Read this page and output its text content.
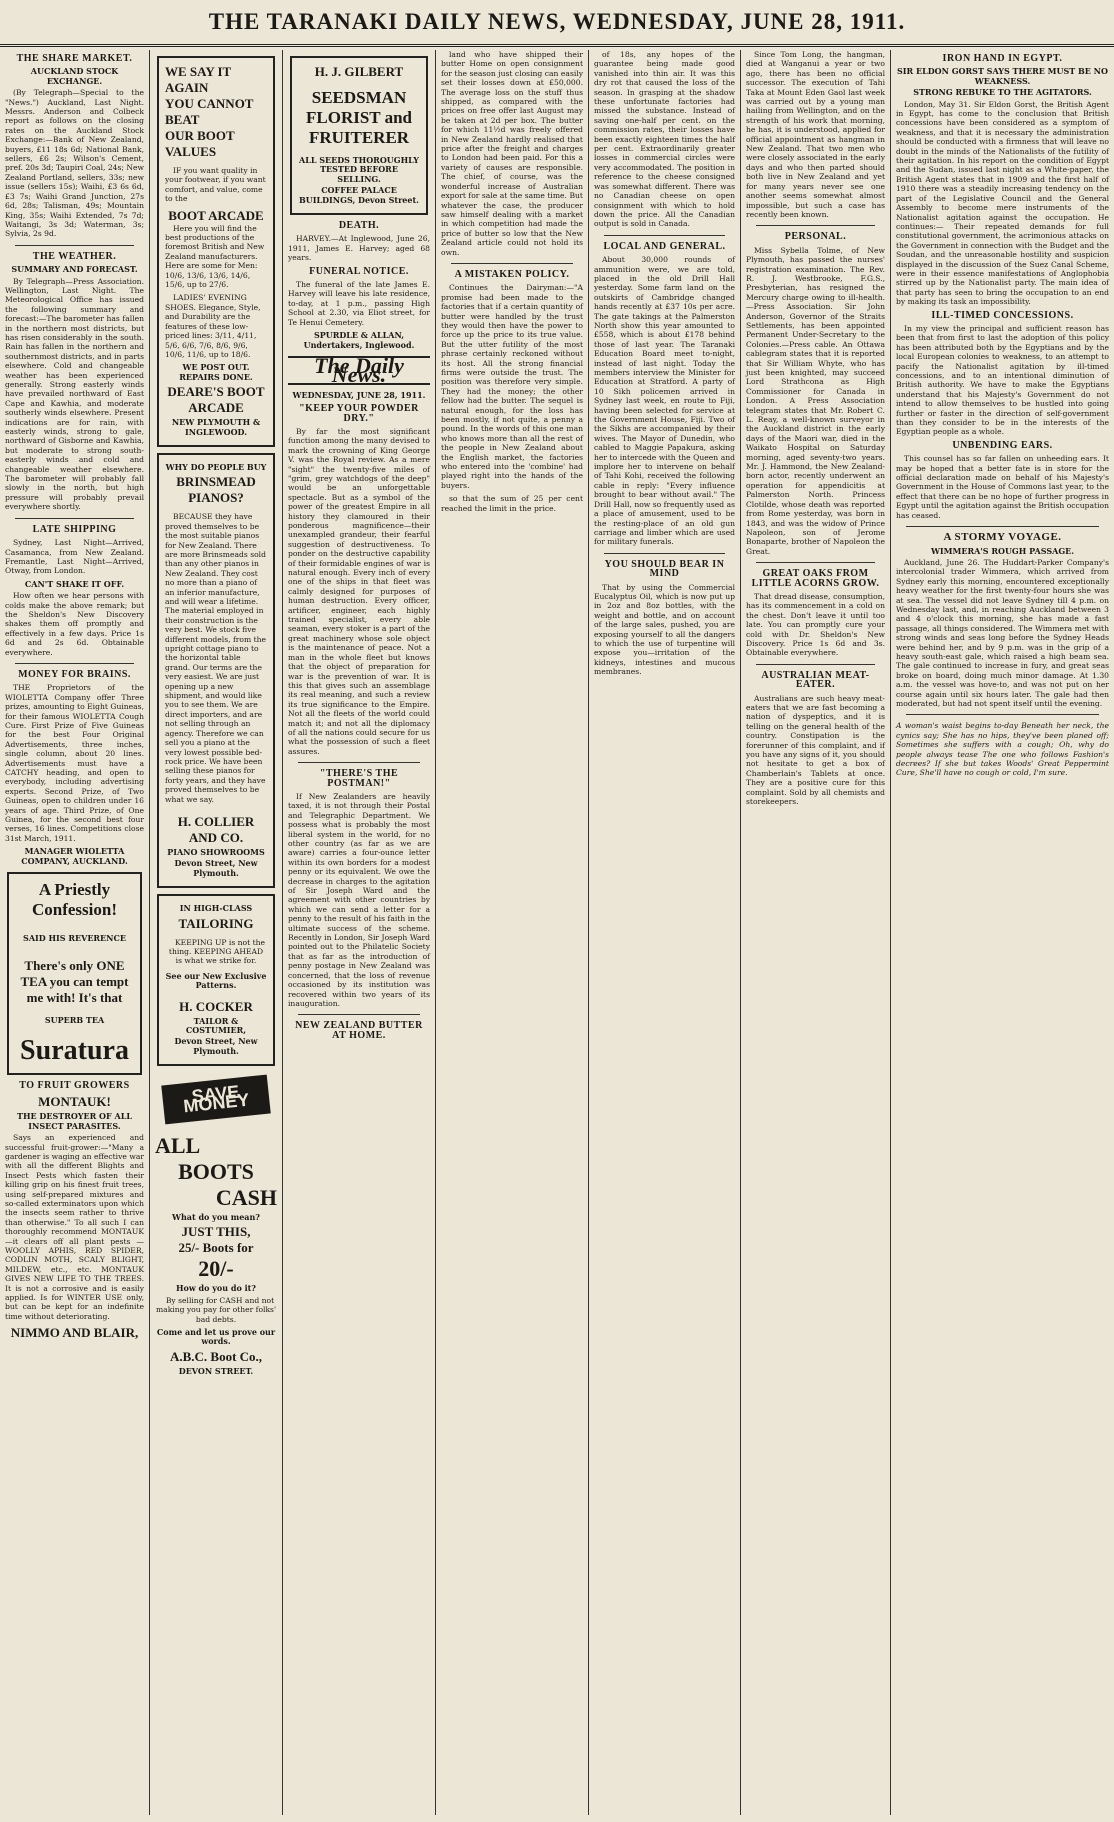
THE TARANAKI DAILY NEWS, WEDNESDAY, JUNE 28, 1911.
THE SHARE MARKET.
AUCKLAND STOCK EXCHANGE.

(By Telegraph—Special to the "News.") Auckland, Last Night. Messrs. Anderson and Colbeck report as follows on the closing rates on the Auckland Stock Exchange:—Bank of New Zealand, buyers, £11 18s 6d; National Bank, sellers, £6 2s; Wilson's Cement, pref. 20s 3d; Taupiri Coal, 24s; New Zealand Portland, sellers, 33s; new issue (sellers 15s); Waihi, £3 6s 6d, £3 7s; Waihi Grand Junction, 27s 6d, 28s; Talisman, 49s; Mountain King, 35s; Waihi Extended, 7s 7d; Waitangi, 3s 3d; Waterman, 3s; Sylvia, 2s 9d.

THE WEATHER.
SUMMARY AND FORECAST.

By Telegraph—Press Association. Wellington, Last Night. The Meteorological Office has issued the following summary and forecast:—The barometer has fallen in the northern most districts, but has risen considerably in the south. Rain has fallen in the northern and southernmost districts, and in parts elsewhere. Cold and changeable weather has been experienced generally. Strong easterly winds have prevailed northward of East Cape and Kawhia, and moderate southerly winds elsewhere. Present indications are for rain, with easterly winds, strong to gale, northward of Gisborne and Kawhia, but moderate to strong south-easterly winds and cold and changeable weather elsewhere. The barometer will probably fall slowly in the north, but high pressure will probably prevail everywhere shortly.

LATE SHIPPING

Sydney, Last Night—Arrived, Casamanca, from New Zealand. Fremantle, Last Night—Arrived, Otway, from London.

CAN'T SHAKE IT OFF.

How often we hear persons with colds make the above remark; but the Sheldon's New Discovery shakes them off promptly and effectively in a few days. Price 1s 6d and 2s 6d. Obtainable everywhere.

MONEY FOR BRAINS.

THE Proprietors of the WIOLETTA Company offer Three prizes, amounting to Eight Guineas, for their famous WIOLETTA Cough Cure. First Prize of Five Guineas for the best Four Original Advertisements, three inches, single column, about 20 lines. Advertisements must have a CATCHY heading, and open to everybody, including advertising experts. Second Prize, of Two Guineas, open to children under 16 years of age. Third Prize, of One Guinea, for the second best four verses, 16 lines. Competitions close 31st March, 1911.

MANAGER WIOLETTA COMPANY, AUCKLAND.
A Priestly
Confession!
SAID HIS REVERENCE
There's only ONE TEA you can tempt me with! It's that
SUPERB TEA
Suratura
TO FRUIT GROWERS
MONTAUK!
THE DESTROYER OF ALL INSECT PARASITES.

Says an experienced and successful fruit-grower:—"Many a gardener is waging an effective war with all the different Blights and Insect Pests which fasten their killing grip on his finest fruit trees, using self-prepared mixtures and so-called exterminators upon which the insects seem rather to thrive than otherwise." To all such I can thoroughly recommend MONTAUK—it clears off all plant pests —WOOLLY APHIS, RED SPIDER, CODLIN MOTH, SCALY BLIGHT, MILDEW, etc., etc. MONTAUK GIVES NEW LIFE TO THE TREES. It is not a corrosive and is easily applied. Is for WINTER USE only, but can be kept for an indefinite time without deteriorating.

NIMMO AND BLAIR,
WE SAY IT AGAIN
YOU CANNOT BEAT
OUR BOOT VALUES

IF you want quality in your footwear, if you want comfort, and value, come to the

BOOT ARCADE

Here you will find the best productions of the foremost British and New Zealand manufacturers. Here are some for Men: 10/6, 13/6, 13/6, 14/6, 15/6, up to 27/6.

LADIES' EVENING SHOES. Elegance, Style, and Durability are the features of these low-priced lines: 3/11, 4/11, 5/6, 6/6, 7/6, 8/6, 9/6, 10/6, 11/6, up to 18/6.

WE POST OUT. REPAIRS DONE.
DEARE'S BOOT ARCADE
NEW PLYMOUTH & INGLEWOOD.
WHY DO PEOPLE BUY
BRINSMEAD PIANOS?

BECAUSE they have proved themselves to be the most suitable pianos for New Zealand. There are more Brinsmeads sold than any other pianos in New Zealand. They cost no more than a piano of an inferior manufacture, and will wear a lifetime. The material employed in their construction is the very best. We stock five different models, from the upright cottage piano to the horizontal table grand. Our terms are the very easiest. We are just opening up a new shipment, and would like you to see them. We are direct importers, and are not selling through an agency. Therefore we can sell you a piano at the very lowest possible bed-rock price. We have been selling these pianos for forty years, and they have proved themselves to be what we say.

H. COLLIER AND CO.
PIANO SHOWROOMS
Devon Street, New Plymouth.
IN HIGH-CLASS
TAILORING

KEEPING UP is not the thing. KEEPING AHEAD is what we strike for.

See our New Exclusive Patterns.
H. COCKER
TAILOR & COSTUMIER,
Devon Street, New Plymouth.
SAVE MONEY
ALL
BOOTS
CASH
What do you mean?
JUST THIS,
25/- Boots for
20/-
How do you do it?

By selling for CASH and not making you pay for other folks' bad debts.

Come and let us prove our words.
A.B.C. Boot Co.,
DEVON STREET.
H. J. GILBERT
SEEDSMAN FLORIST and FRUITERER
ALL SEEDS THOROUGHLY TESTED BEFORE SELLING.
COFFEE PALACE BUILDINGS, Devon Street.
DEATH.

HARVEY.—At Inglewood, June 26, 1911, James E. Harvey; aged 68 years.

FUNERAL NOTICE.

The funeral of the late James E. Harvey will leave his late residence, to-day, at 1 p.m., passing High School at 2.30, via Eliot street, for Te Henui Cemetery.

SPURDLE & ALLAN, Undertakers, Inglewood.
The Daily News.
WEDNESDAY, JUNE 28, 1911.
"KEEP YOUR POWDER DRY."

By far the most significant function among the many devised to mark the crowning of King George V. was the Royal review. As a mere "sight" the twenty-five miles of "grim, grey watchdogs of the deep" would be an unforgettable spectacle. But as a symbol of the power of the greatest Empire in all history they clamoured in their ponderous magnificence—their unexampled grandeur, their fearful suggestion of destructiveness. To ponder on the destructive capability of their formidable engines of war is natural enough. Every inch of every one of the ships in that fleet was calmly designed for purposes of human destruction. Every officer, artificer, engineer, each highly trained specialist, every able seaman, every stoker is a part of the great machinery whose sole object is the maintenance of peace. Not a man in the whole fleet but knows that the object of preparation for war is the prevention of war. It is this that gives such an assemblage its real meaning, and such a review its true significance to the Empire. Not all the fleets of the world could match it; and not all the diplomacy of all the nations could secure for us what the possession of such a fleet assures.

"THERE'S THE POSTMAN!"

If New Zealanders are heavily taxed, it is not through their Postal and Telegraphic Department. We possess what is probably the most liberal system in the world, for no other country (as far as we are aware) carries a four-ounce letter within its own borders for a modest penny or its equivalent. We owe the decrease in charges to the agitation of Sir Joseph Ward and the agreement with other countries by which we can send a letter for a penny to the result of his faith in the ultimate success of the scheme. Recently in London, Sir Joseph Ward pointed out to the Philatelic Society that as far as the introduction of penny postage in New Zealand was concerned, that the loss of revenue occasioned by its institution was recovered within two years of its inauguration.

NEW ZEALAND BUTTER AT HOME.

land who have shipped their butter Home on open consignment for the season just closing can easily set their losses down at £50,000. The average loss on the stuff thus shipped, as compared with the prices on free offer last August may be taken at 2d per box. The butter for which 11½d was freely offered in New Zealand hardly realised that price after the freight and charges to London had been paid. For this a variety of causes are responsible. The chief, of course, was the wonderful increase of Australian export for sale at the same time. But whatever the case, the producer saw himself dealing with a market in which competition had made the price of butter so low that the New Zealand article could not hold its own.

A MISTAKEN POLICY.

Continues the Dairyman:—"A promise had been made to the factories that if a certain quantity of butter were handled by the trust they would then have the power to force up the price to its true value. But the utter futility of the most phrase certainly reckoned without its host. All the strong financial firms were outside the trust. The position was therefore very simple. They had the money; the other fellow had the butter. The sequel is natural enough, for the loss has been mostly, if not quite, a penny a pound. In the words of this one man who knows more than all the rest of the people in New Zealand about the English market, the factories who entered into the 'combine' had played right into the hands of the buyers.

so that the sum of 25 per cent reached the limit in the price.

of 18s, any hopes of the guarantee being made good vanished into thin air. It was this dry rot that caused the loss of the season. In grasping at the shadow these unfortunate factories had missed the substance. Instead of saving one-half per cent. on the commission rates, their losses have been exactly eighteen times the half per cent. Extraordinarily greater losses in commercial circles were very accommodated. The position in reference to the cheese consigned was somewhat different. There was no Canadian cheese on open consignment with which to hold down the price. All the Canadian output is sold in Canada.

LOCAL AND GENERAL.

About 30,000 rounds of ammunition were, we are told, placed in the old Drill Hall yesterday. Some farm land on the outskirts of Cambridge changed hands recently at £37 10s per acre. The gate takings at the Palmerston North show this year amounted to £558, which is about £178 behind those of last year. The Taranaki Education Board meet to-night, instead of last night. Today the members interview the Minister for Education at Stratford. A party of 10 Sikh policemen arrived in Sydney last week, en route to Fiji, having been selected for service at the Government House, Fiji. Two of the Sikhs are accompanied by their wives. The Mayor of Dunedin, who cabled to Maggie Papakura, asking her to intercede with the Queen and implore her to intervene on behalf of Tahi Kohi, received the following cable in reply: "Every influence brought to bear without avail." The Drill Hall, now so frequently used as a place of amusement, used to be the resting-place of an old gun carriage and limber which are used for military funerals.

YOU SHOULD BEAR IN MIND

That by using the Commercial Eucalyptus Oil, which is now put up in 2oz and 8oz bottles, with the weight and bottle, and on account of the large sales, pushed, you are exposing yourself to all the dangers to which the use of turpentine will expose you—irritation of the kidneys, intestines and mucous membranes.

Since Tom Long, the hangman, died at Wanganui a year or two ago, there has been no official successor. The execution of Tahi Taka at Mount Eden Gaol last week was carried out by a young man hailing from Wellington, and on the strength of his work that morning, he has, it is understood, applied for official appointment as hangman in New Zealand. That two men who were closely associated in the early days and who then parted should both live in New Zealand and yet for many years never see one another seems somewhat almost impossible, but such a case has recently been known.

PERSONAL.

Miss Sybella Tolme, of New Plymouth, has passed the nurses' registration examination. The Rev. R. J. Westbrooke, F.G.S., Presbyterian, has resigned the Mercury charge owing to ill-health.—Press Association. Sir John Anderson, Governor of the Straits Settlements, has been appointed Permanent Under-Secretary to the Colonies.—Press cable. An Ottawa cablegram states that it is reported that Sir William Whyte, who has just been knighted, may succeed Lord Strathcona as High Commissioner for Canada in London. A Press Association telegram states that Mr. Robert C. L. Reay, a well-known surveyor in the Auckland district in the early days of the Maori war, died in the Waikato Hospital on Saturday morning, aged seventy-two years. Mr. J. Hammond, the New Zealand-born actor, recently underwent an operation for appendicitis at Palmerston North. Princess Clotilde, whose death was reported from Rome yesterday, was born in 1843, and was the widow of Prince Napoleon, son of Jerome Bonaparte, brother of Napoleon the Great.

GREAT OAKS FROM LITTLE ACORNS GROW.

That dread disease, consumption, has its commencement in a cold on the chest. Don't leave it until too late. You can promptly cure your cold with Dr. Sheldon's New Discovery. Price 1s 6d and 3s. Obtainable everywhere.

AUSTRALIAN MEAT-EATER.

Australians are such heavy meat-eaters that we are fast becoming a nation of dyspeptics, and it is telling on the general health of the country. Constipation is the forerunner of this complaint, and if you have any signs of it, you should not hesitate to get a box of Chamberlain's Tablets at once. They are a positive cure for this complaint. Sold by all chemists and storekeepers.

IRON HAND IN EGYPT.
SIR ELDON GORST SAYS THERE MUST BE NO WEAKNESS.
STRONG REBUKE TO THE AGITATORS.

London, May 31. Sir Eldon Gorst, the British Agent in Egypt, has come to the conclusion that British concessions have been considered as a symptom of weakness, and that it is necessary the administration should be conducted with a firmness that will leave no doubt in the minds of the Nationalists of the futility of their agitation. In his report on the condition of Egypt and the Sudan, issued last night as a White-paper, the British Agent states that in 1909 and the first half of 1910 there was a steadily increasing tendency on the part of the Legislative Council and the General Assembly to become mere instruments of the Nationalist agitation against the occupation. He continues:— Their repeated demands for full constitutional government, the acrimonious attacks on the Government in connection with the Budget and the Soudan, and the unreasonable hostility and suspicion displayed in the discussion of the Suez Canal Scheme, were in their essence manifestations of Anglophobia stirred up by the Nationalist party. The main idea of that party has seen to bring the occupation to an end by making its task an impossibility.

ILL-TIMED CONCESSIONS.

In my view the principal and sufficient reason has been that from first to last the adoption of this policy has been attributed both by the Egyptians and by the local European colonies to weakness, to an attempt to pacify the Nationalist agitation by ill-timed concessions, and to an intentional diminution of British authority. We have to make the Egyptians understand that his Majesty's Government do not intend to allow themselves to be hustled into going further or faster in the direction of self-government than they consider to be in the interests of the Egyptian people as a whole.

UNBENDING EARS.

This counsel has so far fallen on unheeding ears. It may be hoped that a better fate is in store for the official declaration made on behalf of his Majesty's Government in the House of Commons last year, to the effect that there can be no hope of further progress in Egypt until the agitation against the British occupation has ceased.

A STORMY VOYAGE.
WIMMERA'S ROUGH PASSAGE.

Auckland, June 26. The Huddart-Parker Company's intercolonial trader Wimmera, which arrived from Sydney early this morning, encountered exceptionally heavy weather for the first twenty-four hours she was at sea. The vessel did not leave Sydney till 4 p.m. on Wednesday last, and, in reaching Auckland between 3 and 4 o'clock this morning, she has made a fast passage, all things considered. The Wimmera met with strong winds and seas long before the Sydney Heads were behind her, and by 9 p.m. was in the grip of a heavy south-east gale, which raised a high beam sea. The gale continued to increase in fury, and great seas broke on board, doing much minor damage. At 1.30 a.m. the vessel was hove-to, and was not put on her course again until six hours later. The gale had then moderated, but had not spent itself until the evening.

A woman's waist begins to-day Beneath her neck, the cynics say; She has no hips, they've been planed off; Sometimes she suffers with a cough; Oh, why do people always tease The one who follows Fashion's decrees? If she but takes Woods' Great Peppermint Cure, She'll have no cough or cold, I'm sure.
